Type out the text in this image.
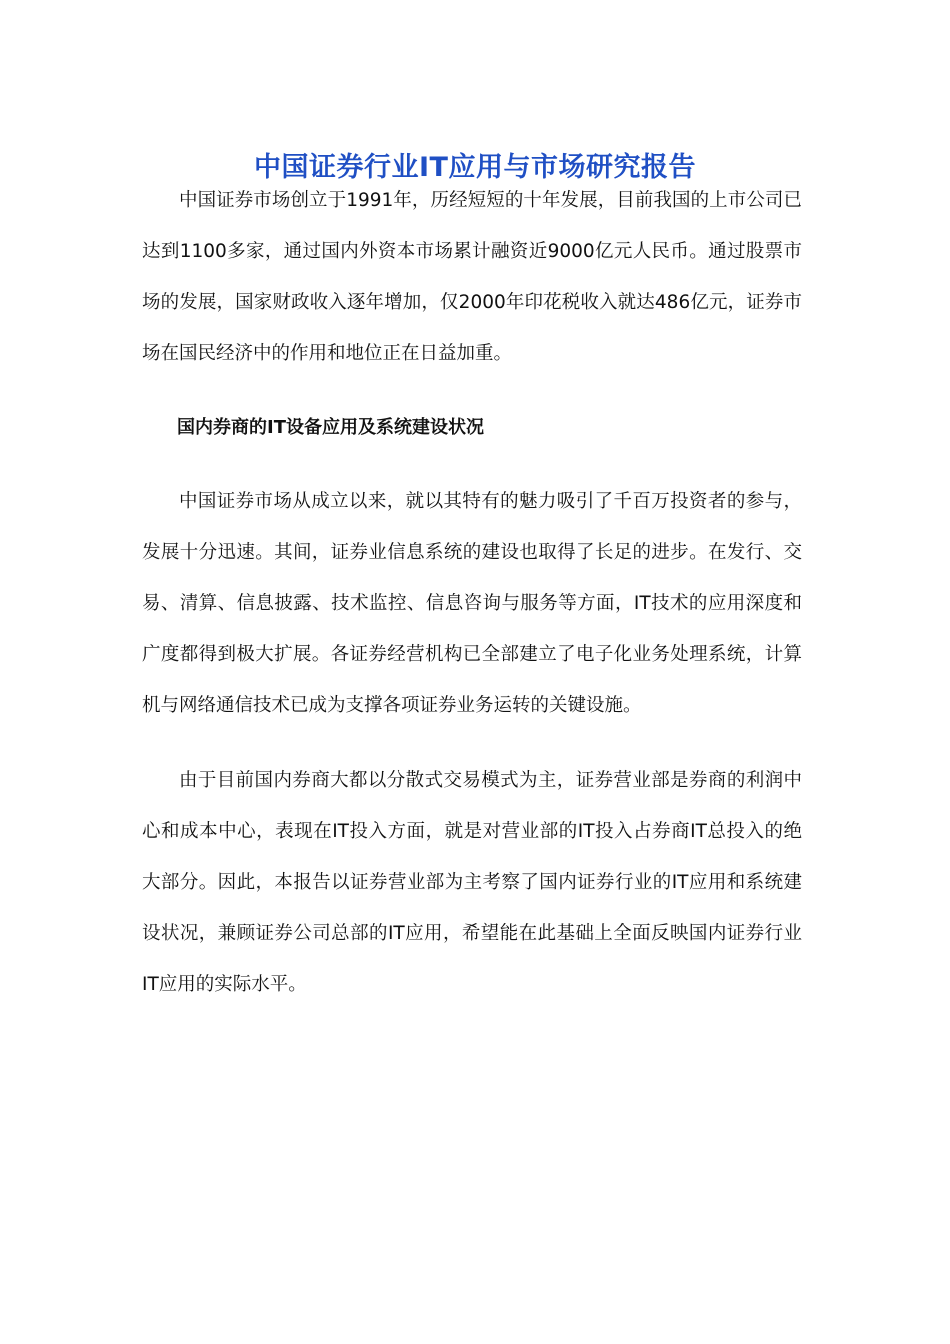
中国证券行业IT应用与市场研究报告

中国证券市场创立于1991年，历经短短的十年发展，目前我国的上市公司已达到1100多家，通过国内外资本市场累计融资近9000亿元人民币。通过股票市场的发展，国家财政收入逐年增加，仅2000年印花税收入就达486亿元，证券市场在国民经济中的作用和地位正在日益加重。

国内券商的IT设备应用及系统建设状况

中国证券市场从成立以来，就以其特有的魅力吸引了千百万投资者的参与，发展十分迅速。其间，证券业信息系统的建设也取得了长足的进步。在发行、交易、清算、信息披露、技术监控、信息咨询与服务等方面，IT技术的应用深度和广度都得到极大扩展。各证券经营机构已全部建立了电子化业务处理系统，计算机与网络通信技术已成为支撑各项证券业务运转的关键设施。

由于目前国内券商大都以分散式交易模式为主，证券营业部是券商的利润中心和成本中心，表现在IT投入方面，就是对营业部的IT投入占券商IT总投入的绝大部分。因此，本报告以证券营业部为主考察了国内证券行业的IT应用和系统建设状况，兼顾证券公司总部的IT应用，希望能在此基础上全面反映国内证券行业IT应用的实际水平。
